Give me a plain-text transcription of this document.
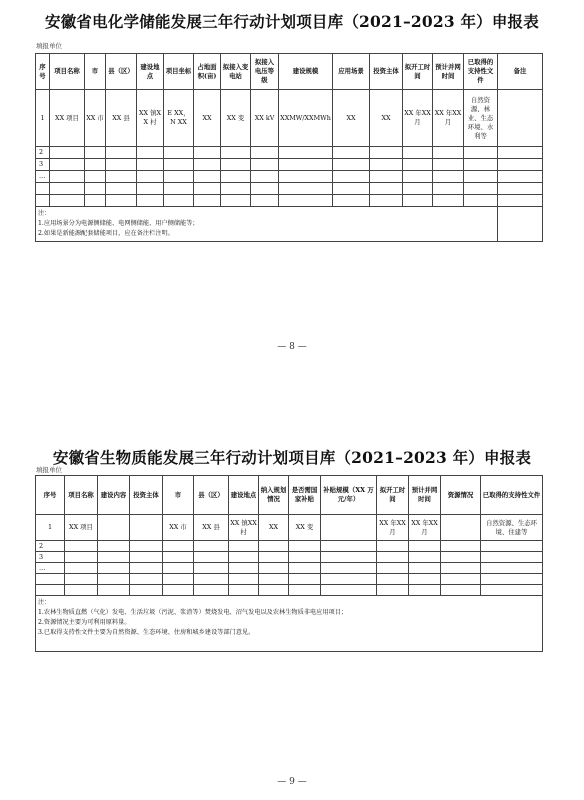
安徽省电化学储能发展三年行动计划项目库（2021–2023 年）申报表
填报单位
序号	项目名称	市	县（区）	建设地点	项目坐标	占地面积(亩)	拟接入变电站	拟接入电压等级	建设规模	应用场景	投资主体	拟开工时间	预计并网时间	已取得的支持性文件	备注
1	XX 项目	XX 市	XX 县	XX 镇XX 村	E XX，N XX	XX	XX 变	XX kV	XXMW/XXMWh	XX	XX	XX 年XX 月	XX 年XX 月	自然资源、林业、生态环境、水利等	
2															
3															
…															

注：
1.应用场景分为电源侧储能、电网侧储能、用户侧储能等；
2.如果是新能源配套储能项目，应在备注栏注明。															

— 8 —
安徽省生物质能发展三年行动计划项目库（2021–2023 年）申报表
填报单位
序号	项目名称	建设内容	投资主体	市	县（区）	建设地点	纳入规划情况	是否需国家补贴	补贴规模（XX 万元/年）	拟开工时间	预计并网时间	资源情况	已取得的支持性文件
1	XX 项目			XX 市	XX 县	XX 镇XX 村	XX	XX 变		XX 年XX 月	XX 年XX 月		自然资源、生态环境、住建等
2													
3													
…													

注：
1.农林生物质直燃（气化）发电、生活垃圾（污泥、浆渣等）焚烧发电、沼气发电以及农林生物质非电应用项目；
2.资源情况主要为可利用原料量。
3.已取得支持性文件主要为自然资源、生态环境、住房和城乡建设等部门意见。													
— 9 —
